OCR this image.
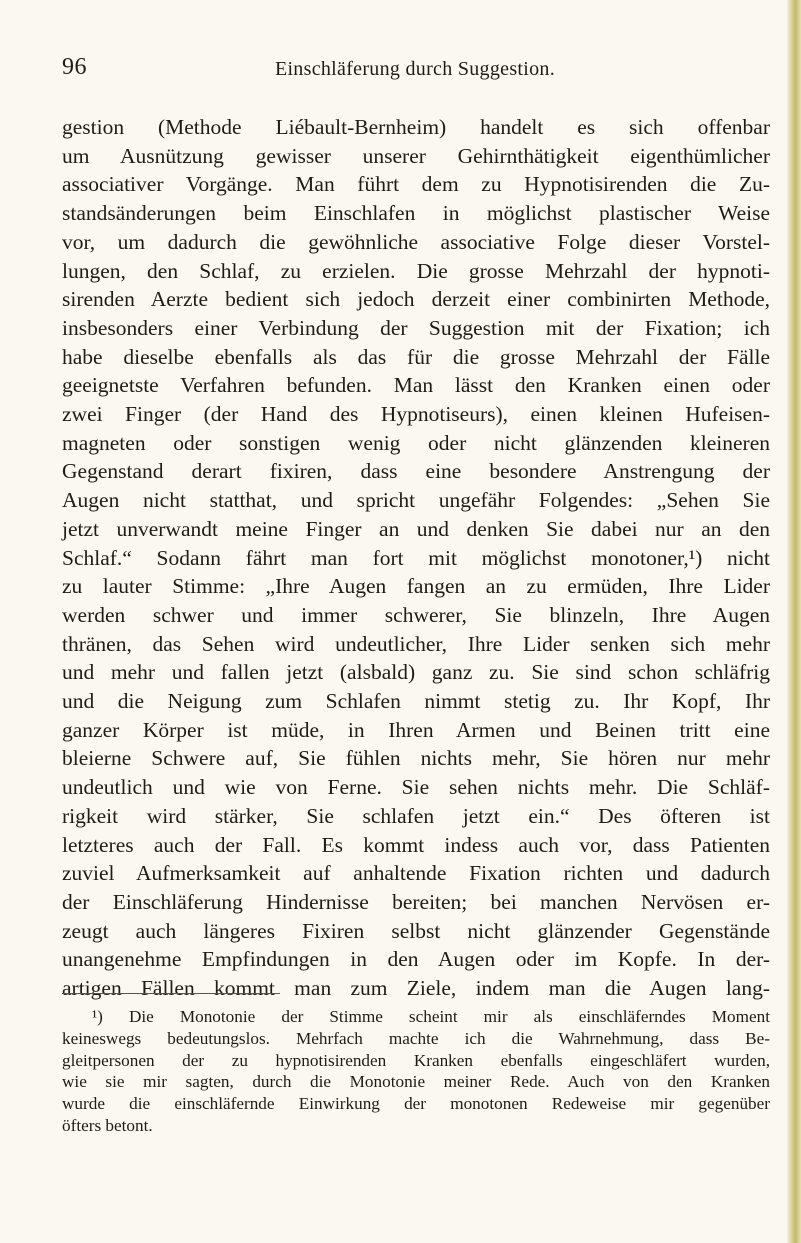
96	Einschläferung durch Suggestion.
gestion (Methode Liébault-Bernheim) handelt es sich offenbar
um Ausnützung gewisser unserer Gehirnthätigkeit eigenthümlicher
associativer Vorgänge. Man führt dem zu Hypnotisirenden die Zu-
standsänderungen beim Einschlafen in möglichst plastischer Weise
vor, um dadurch die gewöhnliche associative Folge dieser Vorstel-
lungen, den Schlaf, zu erzielen. Die grosse Mehrzahl der hypnoti-
sirenden Aerzte bedient sich jedoch derzeit einer combinirten Methode,
insbesonders einer Verbindung der Suggestion mit der Fixation; ich
habe dieselbe ebenfalls als das für die grosse Mehrzahl der Fälle
geeignetste Verfahren befunden. Man lässt den Kranken einen oder
zwei Finger (der Hand des Hypnotiseurs), einen kleinen Hufeisen-
magneten oder sonstigen wenig oder nicht glänzenden kleineren
Gegenstand derart fixiren, dass eine besondere Anstrengung der
Augen nicht statthat, und spricht ungefähr Folgendes: „Sehen Sie
jetzt unverwandt meine Finger an und denken Sie dabei nur an den
Schlaf.“ Sodann fährt man fort mit möglichst monotoner,¹) nicht
zu lauter Stimme: „Ihre Augen fangen an zu ermüden, Ihre Lider
werden schwer und immer schwerer, Sie blinzeln, Ihre Augen
thränen, das Sehen wird undeutlicher, Ihre Lider senken sich mehr
und mehr und fallen jetzt (alsbald) ganz zu. Sie sind schon schläfrig
und die Neigung zum Schlafen nimmt stetig zu. Ihr Kopf, Ihr
ganzer Körper ist müde, in Ihren Armen und Beinen tritt eine
bleierne Schwere auf, Sie fühlen nichts mehr, Sie hören nur mehr
undeutlich und wie von Ferne. Sie sehen nichts mehr. Die Schläf-
rigkeit wird stärker, Sie schlafen jetzt ein.“ Des öfteren ist
letzteres auch der Fall. Es kommt indess auch vor, dass Patienten
zuviel Aufmerksamkeit auf anhaltende Fixation richten und dadurch
der Einschläferung Hindernisse bereiten; bei manchen Nervösen er-
zeugt auch längeres Fixiren selbst nicht glänzender Gegenstände
unangenehme Empfindungen in den Augen oder im Kopfe. In der-
artigen Fällen kommt man zum Ziele, indem man die Augen lang-
¹) Die Monotonie der Stimme scheint mir als einschläferndes Moment
keineswegs bedeutungslos. Mehrfach machte ich die Wahrnehmung, dass Be-
gleitpersonen der zu hypnotisirenden Kranken ebenfalls eingeschläfert wurden,
wie sie mir sagten, durch die Monotonie meiner Rede. Auch von den Kranken
wurde die einschläfernde Einwirkung der monotonen Redeweise mir gegenüber
öfters betont.
